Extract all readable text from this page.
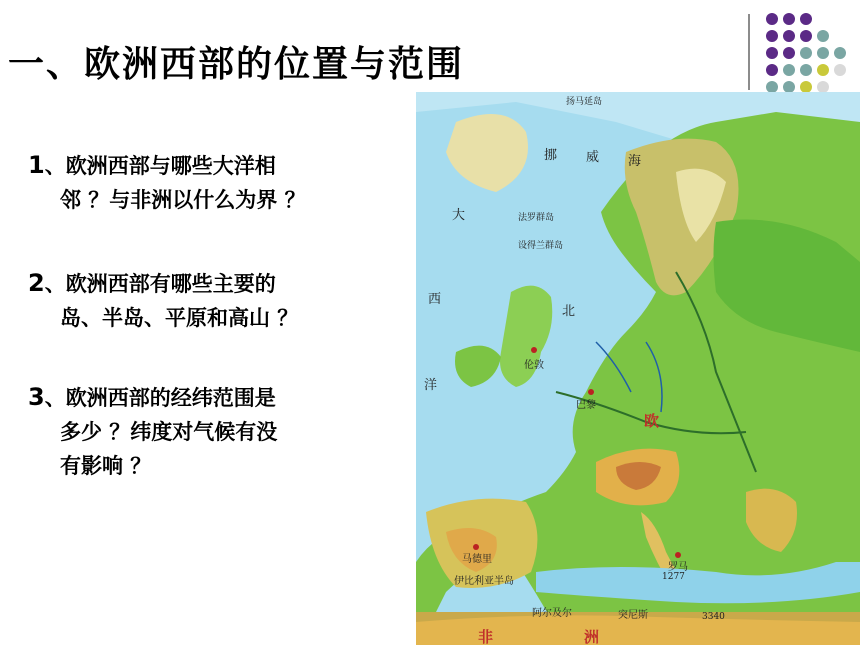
一、欧洲西部的位置与范围
1、欧洲西部与哪些大洋相
邻 ？与非洲以什么为界 ？
2、欧洲西部有哪些主要的
岛、半岛、平原和高山 ？
3、欧洲西部的经纬范围是
多少 ？纬度对气候有没
有影响 ？
挪 威 海
法罗群岛
设得兰群岛
扬马延岛
大
西
洋
北
伦敦
巴黎
欧
马德里
伊比利亚半岛
罗马
1277
3340
阿尔及尔	突尼斯
非	洲
